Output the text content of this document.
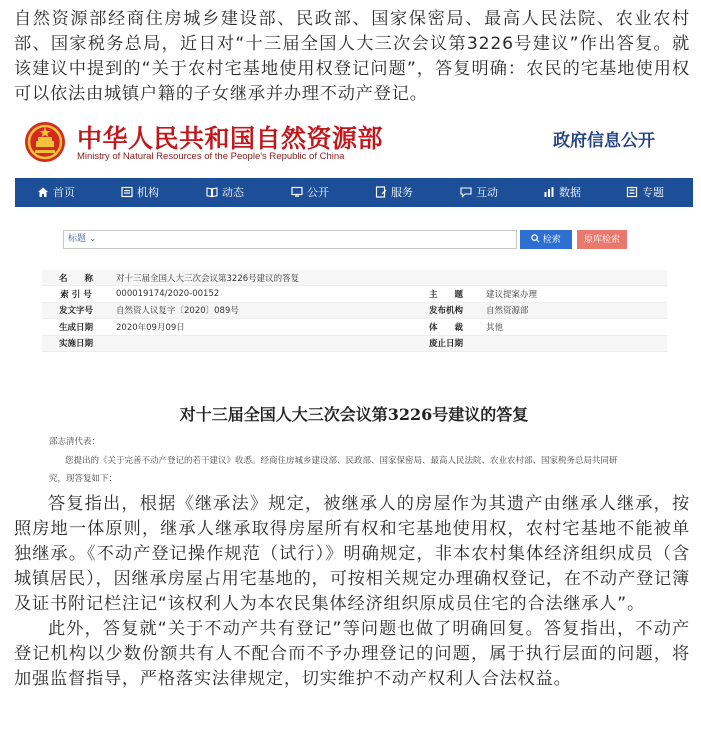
自然资源部经商住房城乡建设部、民政部、国家保密局、最高人民法院、农业农村部、国家税务总局，近日对“十三届全国人大三次会议第3226号建议”作出答复。就该建议中提到的“关于农村宅基地使用权登记问题”，答复明确：农民的宅基地使用权可以依法由城镇户籍的子女继承并办理不动产登记。

中华人民共和国自然资源部
Ministry of Natural Resources of the People's Republic of China
政府信息公开
首页	机构	动态	公开	服务	互动	数据	专题
标题 ⌄	检索	原库检索
名　　称	对十三届全国人大三次会议第3226号建议的答复		
索 引 号	000019174/2020-00152	主　　题	建议提案办理
发文字号	自然资人议复字〔2020〕089号	发布机构	自然资源部
生成日期	2020年09月09日	体　　裁	其他
实施日期		废止日期	
对十三届全国人大三次会议第3226号建议的答复
邵志清代表：
您提出的《关于完善不动产登记的若干建议》收悉。经商住房城乡建设部、民政部、国家保密局、最高人民法院、农业农村部、国家税务总局共同研
究，现答复如下：

答复指出，根据《继承法》规定，被继承人的房屋作为其遗产由继承人继承，按照房地一体原则，继承人继承取得房屋所有权和宅基地使用权，农村宅基地不能被单独继承。《不动产登记操作规范（试行）》明确规定，非本农村集体经济组织成员（含城镇居民），因继承房屋占用宅基地的，可按相关规定办理确权登记，在不动产登记簿及证书附记栏注记“该权利人为本农民集体经济组织原成员住宅的合法继承人”。

此外，答复就“关于不动产共有登记”等问题也做了明确回复。答复指出，不动产登记机构以少数份额共有人不配合而不予办理登记的问题，属于执行层面的问题，将加强监督指导，严格落实法律规定，切实维护不动产权利人合法权益。
